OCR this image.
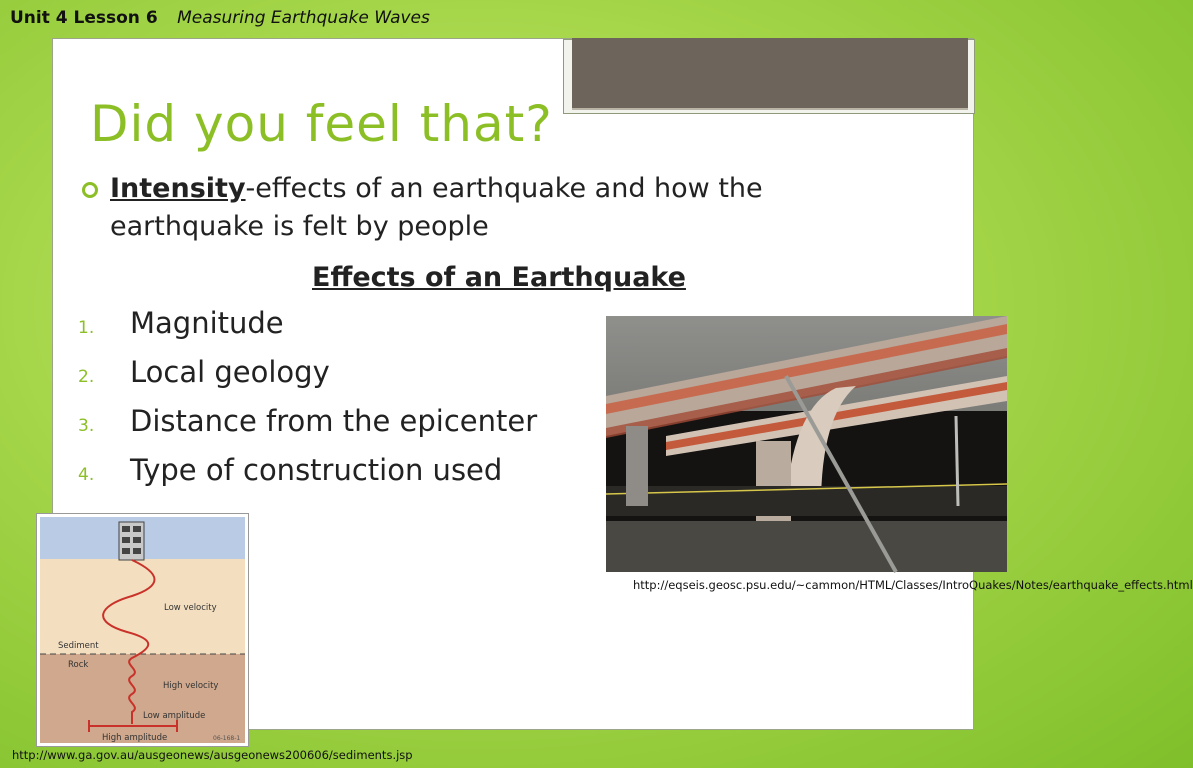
Unit 4 Lesson 6 Measuring Earthquake Waves
Did you feel that?
Intensity-effects of an earthquake and how the earthquake is felt by people
Effects of an Earthquake
1.	Magnitude
2.	Local geology
3.	Distance from the epicenter
4.	Type of construction used
http://eqseis.geosc.psu.edu/~cammon/HTML/Classes/IntroQuakes/Notes/earthquake_effects.html
Low velocity
Sediment
Rock
High velocity
Low amplitude
High amplitude	06-168-1
http://www.ga.gov.au/ausgeonews/ausgeonews200606/sediments.jsp
